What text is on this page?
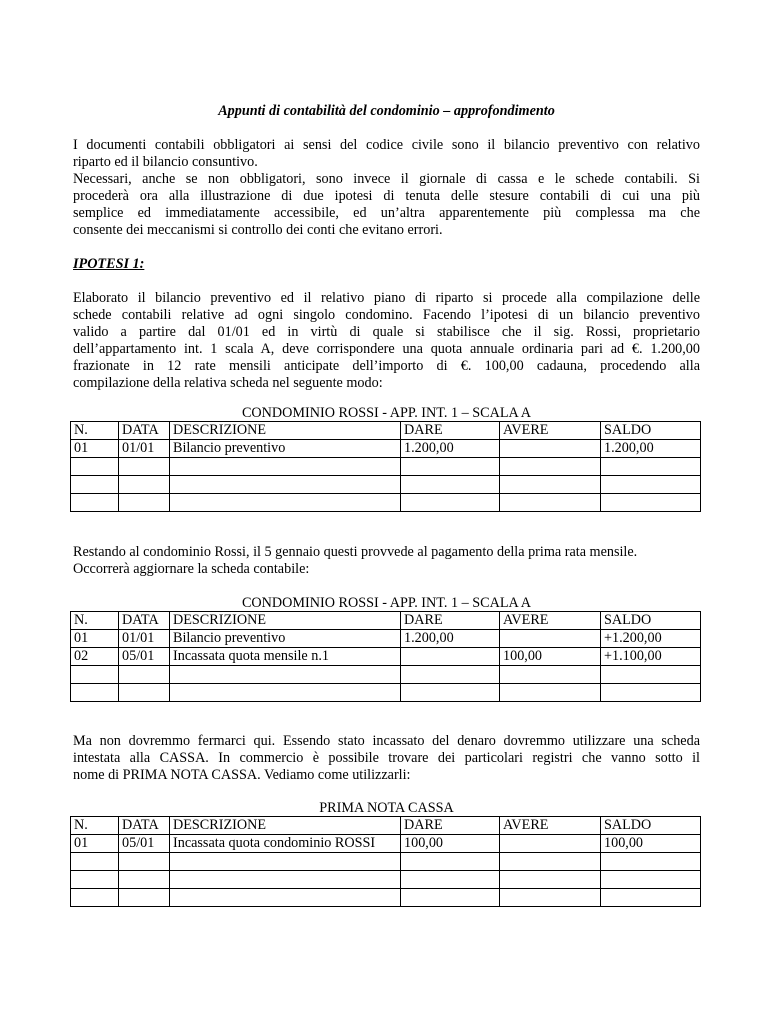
Appunti di contabilità del condominio – approfondimento
I documenti contabili obbligatori ai sensi del codice civile sono il bilancio preventivo con relativo
riparto ed il bilancio consuntivo.
Necessari, anche se non obbligatori, sono invece il giornale di cassa e le schede contabili. Si
procederà ora alla illustrazione di due ipotesi di tenuta delle stesure contabili di cui una più
semplice ed immediatamente accessibile, ed un’altra apparentemente più complessa ma che
consente dei meccanismi si controllo dei conti che evitano errori.
IPOTESI 1:
Elaborato il bilancio preventivo ed il relativo piano di riparto si procede alla compilazione delle
schede contabili relative ad ogni singolo condomino. Facendo l’ipotesi di un bilancio preventivo
valido a partire dal 01/01 ed in virtù di quale si stabilisce che il sig. Rossi, proprietario
dell’appartamento int. 1 scala A, deve corrispondere una quota annuale ordinaria pari ad €. 1.200,00
frazionate in 12 rate mensili anticipate dell’importo di €. 100,00 cadauna, procedendo alla
compilazione della relativa scheda nel seguente modo:
CONDOMINIO ROSSI - APP. INT. 1 – SCALA A
N.	DATA	DESCRIZIONE	DARE	AVERE	SALDO
01	01/01	Bilancio preventivo	1.200,00		1.200,00

Restando al condominio Rossi, il 5 gennaio questi provvede al pagamento della prima rata mensile.
Occorrerà aggiornare la scheda contabile:
CONDOMINIO ROSSI - APP. INT. 1 – SCALA A
N.	DATA	DESCRIZIONE	DARE	AVERE	SALDO
01	01/01	Bilancio preventivo	1.200,00		+1.200,00
02	05/01	Incassata quota mensile n.1		100,00	+1.100,00

Ma non dovremmo fermarci qui. Essendo stato incassato del denaro dovremmo utilizzare una scheda
intestata alla CASSA. In commercio è possibile trovare dei particolari registri che vanno sotto il
nome di PRIMA NOTA CASSA. Vediamo come utilizzarli:
PRIMA NOTA CASSA
N.	DATA	DESCRIZIONE	DARE	AVERE	SALDO
01	05/01	Incassata quota condominio ROSSI	100,00		100,00
